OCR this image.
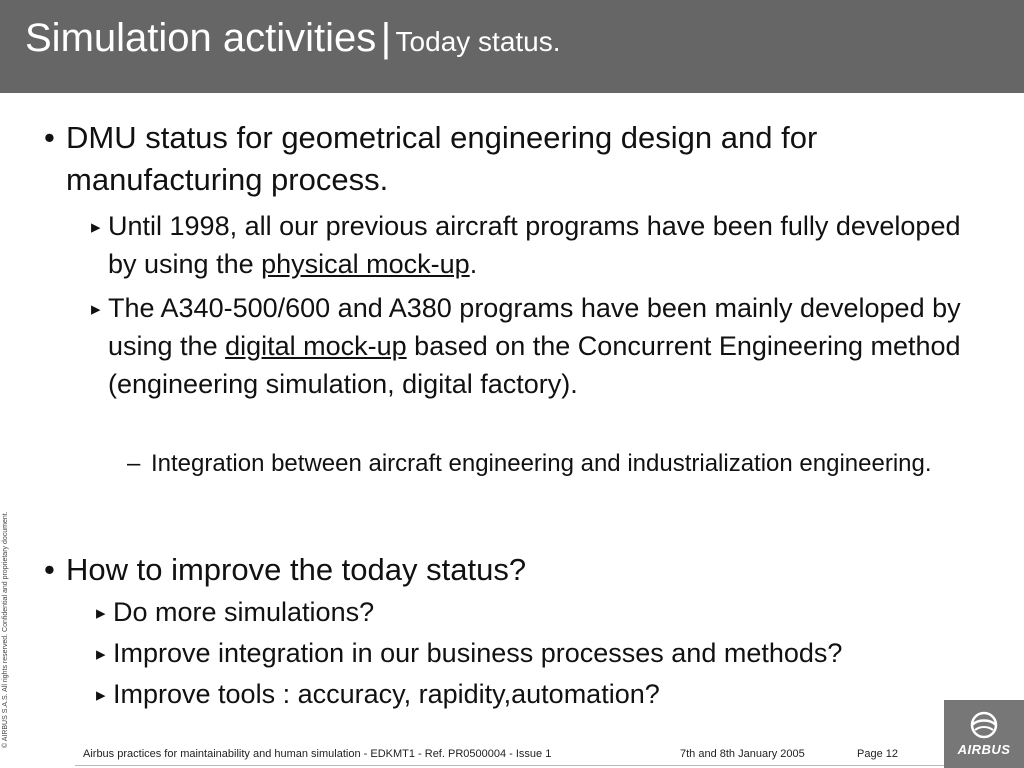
Simulation activities | Today status.
• DMU status for geometrical engineering design and for manufacturing process.
▸ Until 1998, all our previous aircraft programs have been fully developed by using the physical mock-up.
▸ The A340-500/600 and A380 programs have been mainly developed by using the digital mock-up based on the Concurrent Engineering method (engineering simulation, digital factory).
– Integration between aircraft engineering and industrialization engineering.
• How to improve the today status?
▸ Do more simulations?
▸ Improve integration in our business processes and methods?
▸ Improve tools : accuracy, rapidity,automation?
© AIRBUS S.A.S. All rights reserved. Confidential and proprietary document.
Airbus practices for maintainability and human simulation - EDKMT1 - Ref. PR0500004 - Issue 1	7th and 8th January 2005	Page 12	AIRBUS
